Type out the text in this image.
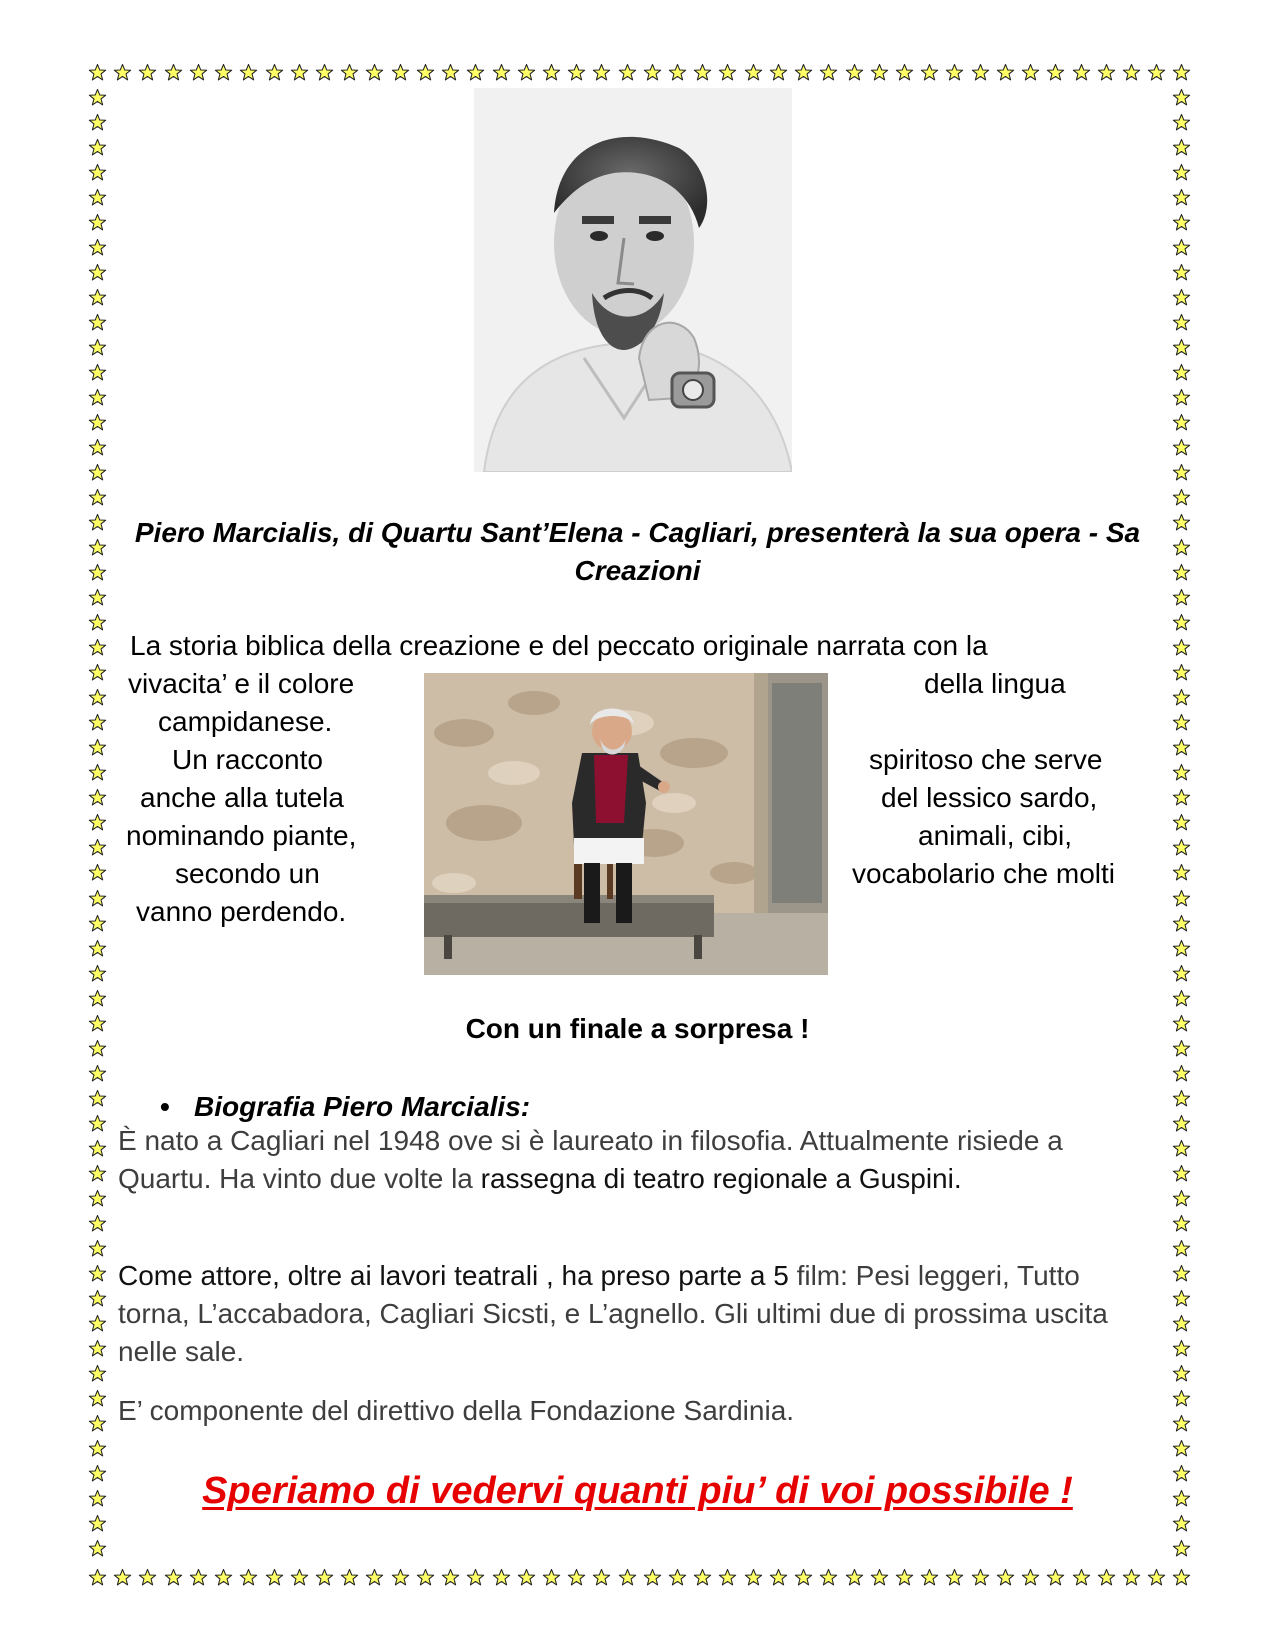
Piero Marcialis, di Quartu Sant’Elena - Cagliari, presenterà la sua opera - Sa Creazioni
La storia biblica della creazione e del peccato originale narrata con la
vivacita’ e il colore
campidanese.
Un racconto
anche alla tutela
nominando piante,
secondo un
vanno perdendo.
della lingua
spiritoso che serve
del lessico sardo,
animali, cibi,
vocabolario che molti
Con un finale a sorpresa !
• Biografia Piero Marcialis:
È nato a Cagliari nel 1948 ove si è laureato in filosofia. Attualmente risiede a Quartu. Ha vinto due volte la rassegna di teatro regionale a Guspini.
Come attore, oltre ai lavori teatrali , ha preso parte a 5 film: Pesi leggeri, Tutto torna, L’accabadora, Cagliari Sicsti, e L’agnello. Gli ultimi due di prossima uscita nelle sale.
E’ componente del direttivo della Fondazione Sardinia.
Speriamo di vedervi quanti piu’ di voi possibile !
